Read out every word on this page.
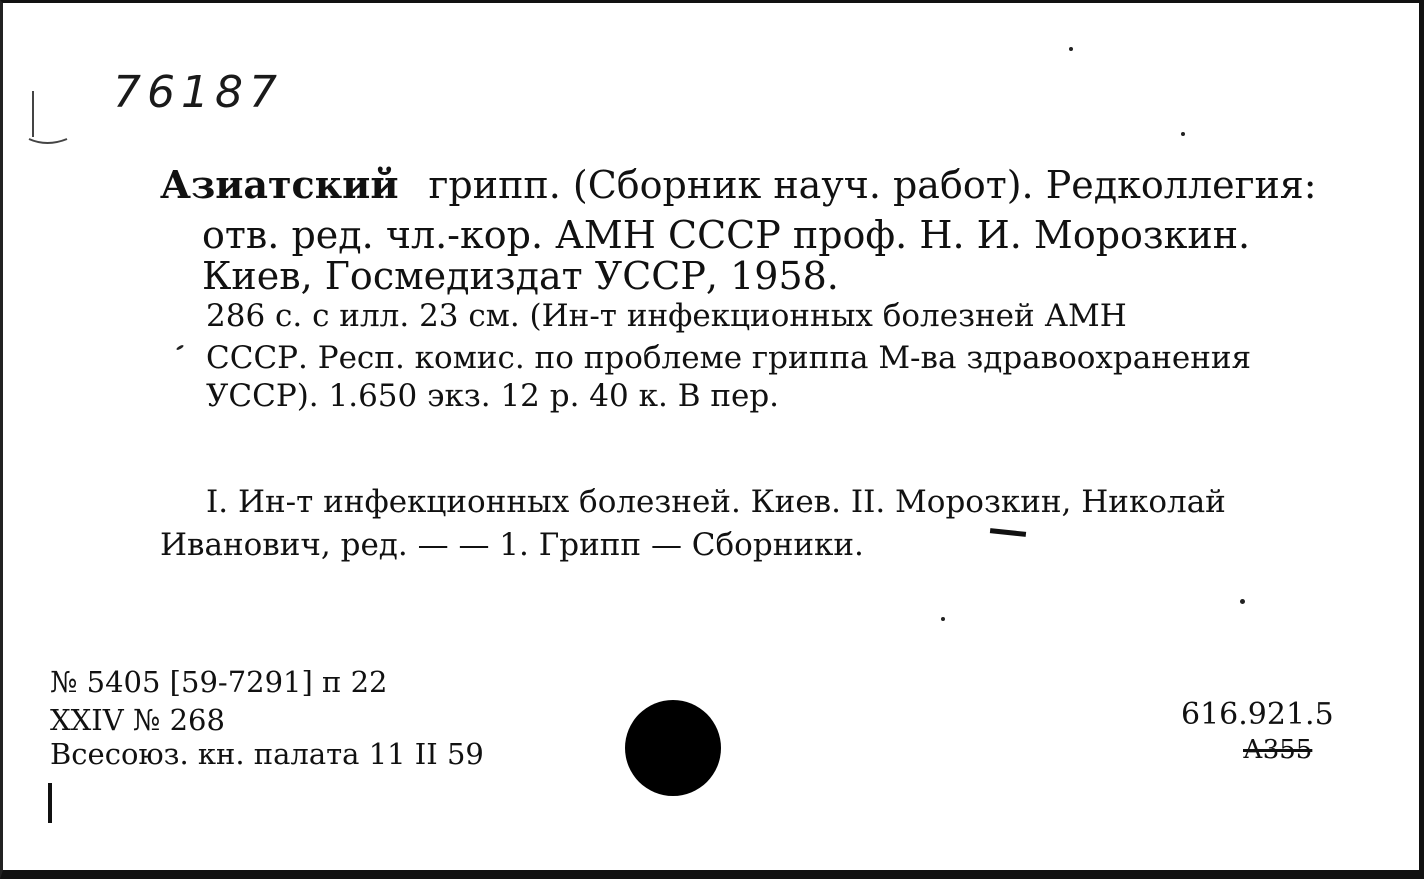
76187
Азиатский грипп. (Сборник науч. работ). Редколлегия:
отв. ред. чл.-кор. АМН СССР проф. Н. И. Морозкин.
Киев, Госмедиздат УССР, 1958.
286 с. с илл. 23 см. (Ин-т инфекционных болезней АМН
СССР. Респ. комис. по проблеме гриппа М-ва здравоохранения
УССР). 1.650 экз. 12 р. 40 к. В пер.
I. Ин-т инфекционных болезней. Киев. II. Морозкин, Николай
Иванович, ред. — — 1. Грипп — Сборники.
№ 5405 [59-7291] п 22
XXIV № 268
Всесоюз. кн. палата 11 II 59
616.921.5
А355
